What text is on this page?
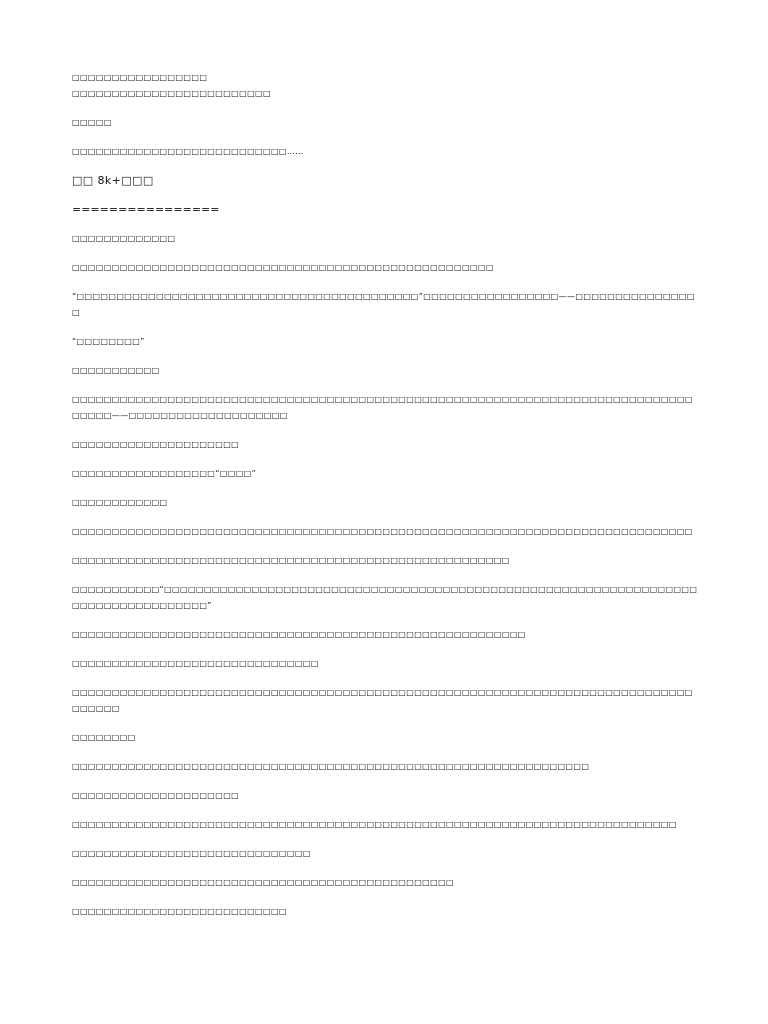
□□□□□□□□□□□□□□□□□
□□□□□□□□□□□□□□□□□□□□□□□□□
□□□□□
□□□□□□□□□□□□□□□□□□□□□□□□□□□……
□□ 8k+□□□
================
□□□□□□□□□□□□□
□□□□□□□□□□□□□□□□□□□□□□□□□□□□□□□□□□□□□□□□□□□□□□□□□□□□□
“□□□□□□□□□□□□□□□□□□□□□□□□□□□□□□□□□□□□□□□□□□□”□□□□□□□□□□□□□□□□□——□□□□□□□□□□□□□□□□
“□□□□□□□□”
□□□□□□□□□□□
□□□□□□□□□□□□□□□□□□□□□□□□□□□□□□□□□□□□□□□□□□□□□□□□□□□□□□□□□□□□□□□□□□□□□□□□□□□□□□□□□□□——□□□□□□□□□□□□□□□□□□□□
□□□□□□□□□□□□□□□□□□□□□
□□□□□□□□□□□□□□□□□□“□□□□”
□□□□□□□□□□□□
□□□□□□□□□□□□□□□□□□□□□□□□□□□□□□□□□□□□□□□□□□□□□□□□□□□□□□□□□□□□□□□□□□□□□□□□□□□□□□
□□□□□□□□□□□□□□□□□□□□□□□□□□□□□□□□□□□□□□□□□□□□□□□□□□□□□□□
□□□□□□□□□□□“□□□□□□□□□□□□□□□□□□□□□□□□□□□□□□□□□□□□□□□□□□□□□□□□□□□□□□□□□□□□□□□□□□□□□□□□□□□□□□□□□□□□”
□□□□□□□□□□□□□□□□□□□□□□□□□□□□□□□□□□□□□□□□□□□□□□□□□□□□□□□□□
□□□□□□□□□□□□□□□□□□□□□□□□□□□□□□□
□□□□□□□□□□□□□□□□□□□□□□□□□□□□□□□□□□□□□□□□□□□□□□□□□□□□□□□□□□□□□□□□□□□□□□□□□□□□□□□□□□□□
□□□□□□□□
□□□□□□□□□□□□□□□□□□□□□□□□□□□□□□□□□□□□□□□□□□□□□□□□□□□□□□□□□□□□□□□□□
□□□□□□□□□□□□□□□□□□□□□
□□□□□□□□□□□□□□□□□□□□□□□□□□□□□□□□□□□□□□□□□□□□□□□□□□□□□□□□□□□□□□□□□□□□□□□□□□□□
□□□□□□□□□□□□□□□□□□□□□□□□□□□□□□
□□□□□□□□□□□□□□□□□□□□□□□□□□□□□□□□□□□□□□□□□□□□□□□□
□□□□□□□□□□□□□□□□□□□□□□□□□□□
